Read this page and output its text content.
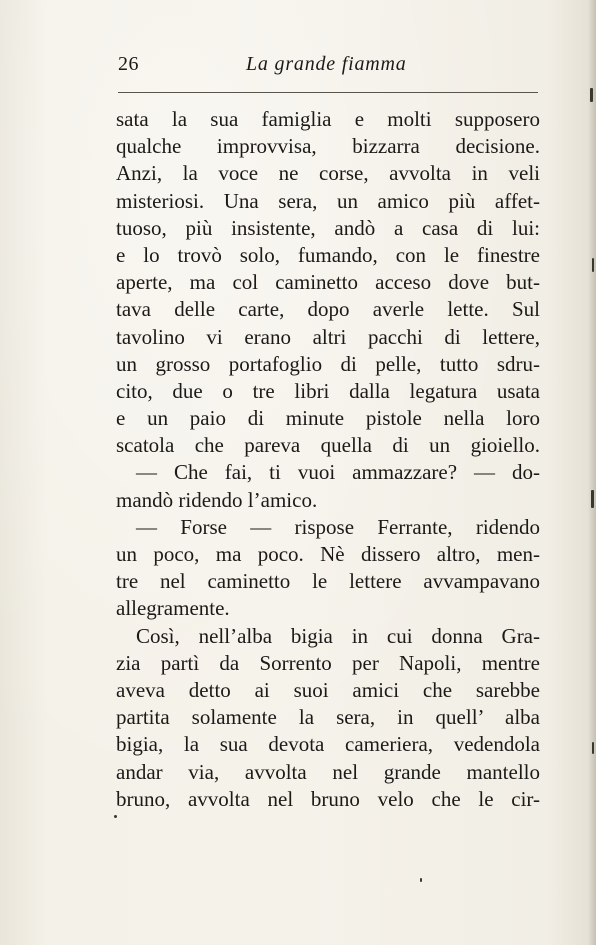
26	La grande fiamma
sata la sua famiglia e molti supposero
qualche improvvisa, bizzarra decisione.
Anzi, la voce ne corse, avvolta in veli
misteriosi. Una sera, un amico più affet-
tuoso, più insistente, andò a casa di lui:
e lo trovò solo, fumando, con le finestre
aperte, ma col caminetto acceso dove but-
tava delle carte, dopo averle lette. Sul
tavolino vi erano altri pacchi di lettere,
un grosso portafoglio di pelle, tutto sdru-
cito, due o tre libri dalla legatura usata
e un paio di minute pistole nella loro
scatola che pareva quella di un gioiello.
— Che fai, ti vuoi ammazzare? — do-
mandò ridendo l’amico.
— Forse — rispose Ferrante, ridendo
un poco, ma poco. Nè dissero altro, men-
tre nel caminetto le lettere avvampavano
allegramente.
Così, nell’alba bigia in cui donna Gra-
zia partì da Sorrento per Napoli, mentre
aveva detto ai suoi amici che sarebbe
partita solamente la sera, in quell’ alba
bigia, la sua devota cameriera, vedendola
andar via, avvolta nel grande mantello
bruno, avvolta nel bruno velo che le cir-
